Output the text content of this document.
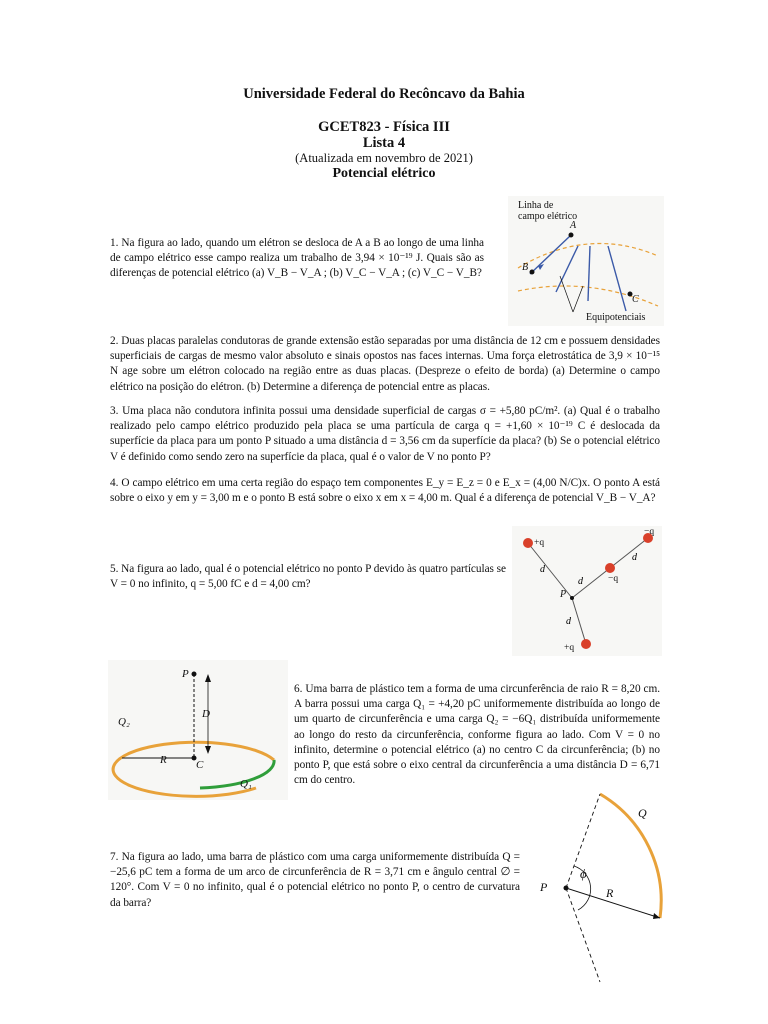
Universidade Federal do Recôncavo da Bahia
GCET823 - Física III
Lista 4
(Atualizada em novembro de 2021)
Potencial elétrico
1. Na figura ao lado, quando um elétron se desloca de A a B ao longo de uma linha de campo elétrico esse campo realiza um trabalho de 3,94 × 10⁻¹⁹ J. Quais são as diferenças de potencial elétrico (a) V_B − V_A ; (b) V_C − V_A ; (c) V_C − V_B?
Linha de campo elétrico
A
B
C
Equipotenciais
2. Duas placas paralelas condutoras de grande extensão estão separadas por uma distância de 12 cm e possuem densidades superficiais de cargas de mesmo valor absoluto e sinais opostos nas faces internas. Uma força eletrostática de 3,9 × 10⁻¹⁵ N age sobre um elétron colocado na região entre as duas placas. (Despreze o efeito de borda) (a) Determine o campo elétrico na posição do elétron. (b) Determine a diferença de potencial entre as placas.
3. Uma placa não condutora infinita possui uma densidade superficial de cargas σ = +5,80 pC/m². (a) Qual é o trabalho realizado pelo campo elétrico produzido pela placa se uma partícula de carga q = +1,60 × 10⁻¹⁹ C é deslocada da superfície da placa para um ponto P situado a uma distância d = 3,56 cm da superfície da placa? (b) Se o potencial elétrico V é definido como sendo zero na superfície da placa, qual é o valor de V no ponto P?
4. O campo elétrico em uma certa região do espaço tem componentes E_y = E_z = 0 e E_x = (4,00 N/C)x. O ponto A está sobre o eixo y em y = 3,00 m e o ponto B está sobre o eixo x em x = 4,00 m. Qual é a diferença de potencial V_B − V_A?
5. Na figura ao lado, qual é o potencial elétrico no ponto P devido às quatro partículas se V = 0 no infinito, q = 5,00 fC e d = 4,00 cm?
d
d
d
d
+q
−q
−q
+q
P
P
C
D
R
Q₁
Q₂
6. Uma barra de plástico tem a forma de uma circunferência de raio R = 8,20 cm. A barra possui uma carga Q₁ = +4,20 pC uniformemente distribuída ao longo de um quarto de circunferência e uma carga Q₂ = −6Q₁ distribuída uniformemente ao longo do resto da circunferência, conforme figura ao lado. Com V = 0 no infinito, determine o potencial elétrico (a) no centro C da circunferência; (b) no ponto P, que está sobre o eixo central da circunferência a uma distância D = 6,71 cm do centro.
Q
ϕ
R
P
7. Na figura ao lado, uma barra de plástico com uma carga uniformemente distribuída Q = −25,6 pC tem a forma de um arco de circunferência de R = 3,71 cm e ângulo central ∅ = 120°. Com V = 0 no infinito, qual é o potencial elétrico no ponto P, o centro de curvatura da barra?
